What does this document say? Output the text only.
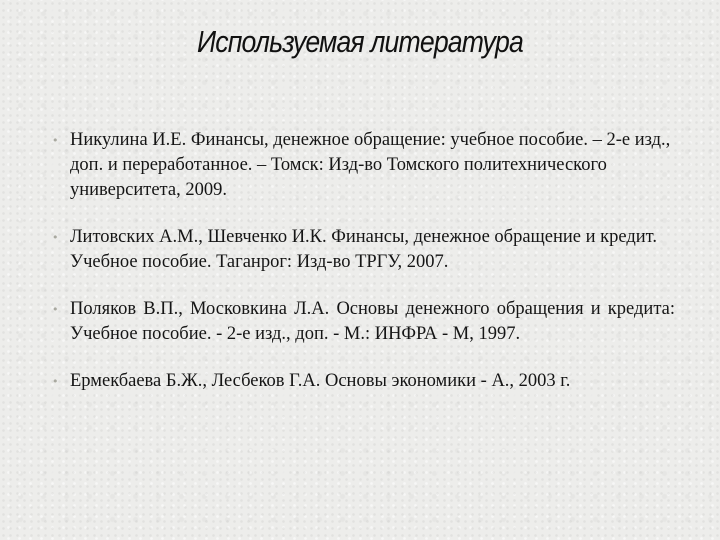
Используемая литература
• Никулина И.Е. Финансы, денежное обращение: учебное пособие. – 2-е изд., доп. и переработанное. – Томск: Изд-во Томского политехнического университета, 2009.
• Литовских А.М., Шевченко И.К. Финансы, денежное обращение и кредит. Учебное пособие. Таганрог: Изд-во ТРГУ, 2007.
• Поляков В.П., Московкина Л.А. Основы денежного обращения и кредита: Учебное пособие. - 2-е изд., доп. - М.: ИНФРА - М, 1997.
• Ермекбаева Б.Ж., Лесбеков Г.А. Основы экономики - А., 2003 г.
